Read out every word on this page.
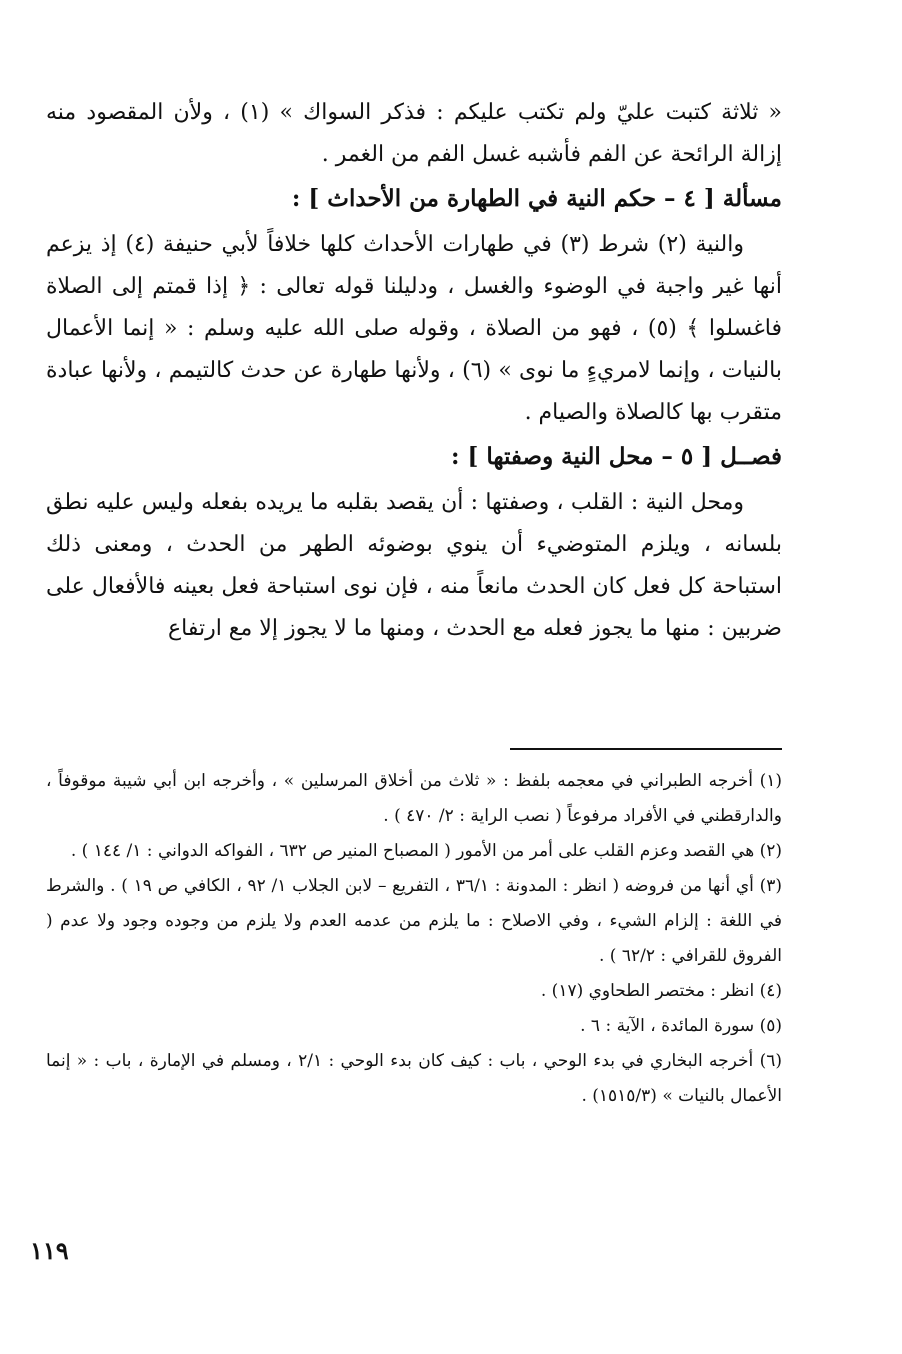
« ثلاثة كتبت عليّ ولم تكتب عليكم : فذكر السواك » (١) ، ولأن المقصود منه إزالة الرائحة عن الفم فأشبه غسل الفم من الغمر .

مسألة [ ٤ – حكم النية في الطهارة من الأحداث ] :

والنية (٢) شرط (٣) في طهارات الأحداث كلها خلافاً لأبي حنيفة (٤) إذ يزعم أنها غير واجبة في الوضوء والغسل ، ودليلنا قوله تعالى : ﴿ إذا قمتم إلى الصلاة فاغسلوا ﴾ (٥) ، فهو من الصلاة ، وقوله صلى الله عليه وسلم : « إنما الأعمال بالنيات ، وإنما لامريءٍ ما نوى » (٦) ، ولأنها طهارة عن حدث كالتيمم ، ولأنها عبادة متقرب بها كالصلاة والصيام .

فصــل [ ٥ – محل النية وصفتها ] :

ومحل النية : القلب ، وصفتها : أن يقصد بقلبه ما يريده بفعله وليس عليه نطق بلسانه ، ويلزم المتوضيء أن ينوي بوضوئه الطهر من الحدث ، ومعنى ذلك استباحة كل فعل كان الحدث مانعاً منه ، فإن نوى استباحة فعل بعينه فالأفعال على ضربين : منها ما يجوز فعله مع الحدث ، ومنها ما لا يجوز إلا مع ارتفاع

(١) أخرجه الطبراني في معجمه بلفظ : « ثلاث من أخلاق المرسلين » ، وأخرجه ابن أبي شيبة موقوفاً ، والدارقطني في الأفراد مرفوعاً ( نصب الراية : ٢/ ٤٧٠ ) .

(٢) هي القصد وعزم القلب على أمر من الأمور ( المصباح المنير ص ٦٣٢ ، الفواكه الدواني : ١/ ١٤٤ ) .

(٣) أي أنها من فروضه ( انظر : المدونة : ٣٦/١ ، التفريع – لابن الجلاب ١/ ٩٢ ، الكافي ص ١٩ ) . والشرط في اللغة : إلزام الشيء ، وفي الاصلاح : ما يلزم من عدمه العدم ولا يلزم من وجوده وجود ولا عدم ( الفروق للقرافي : ٦٢/٢ ) .

(٤) انظر : مختصر الطحاوي (١٧) .

(٥) سورة المائدة ، الآية : ٦ .

(٦) أخرجه البخاري في بدء الوحي ، باب : كيف كان بدء الوحي : ٢/١ ، ومسلم في الإمارة ، باب : « إنما الأعمال بالنيات » (١٥١٥/٣) .

١١٩
